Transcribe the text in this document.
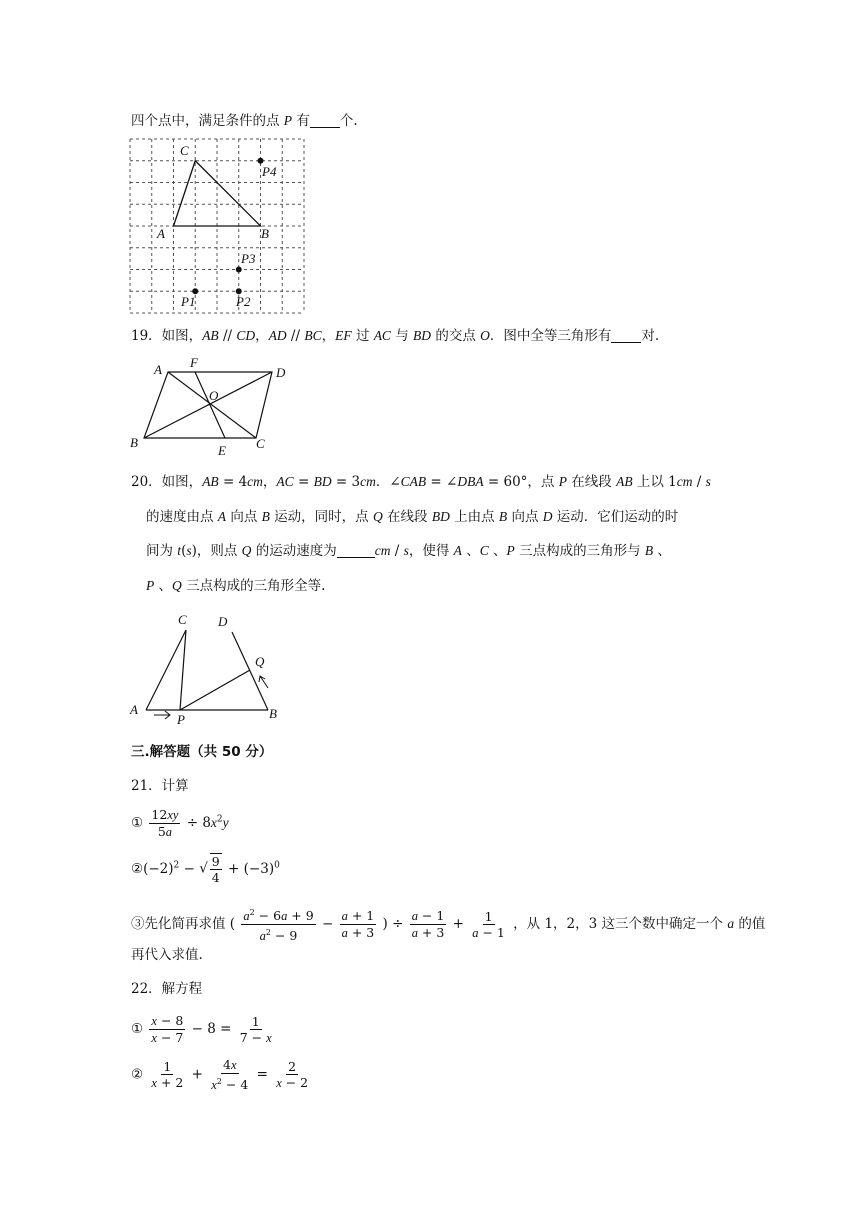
四个点中，满足条件的点 P 有 个.
C
A	B
P4
P3
P1	P2
19．如图，AB // CD，AD // BC，EF 过 AC 与 BD 的交点 O．图中全等三角形有 对.
A F
D
O
B
E C
20．如图，AB = 4cm，AC = BD = 3cm．∠CAB = ∠DBA = 60°，点 P 在线段 AB 上以 1cm / s
的速度由点 A 向点 B 运动，同时，点 Q 在线段 BD 上由点 B 向点 D 运动．它们运动的时
间为 t(s)，则点 Q 的运动速度为	cm / s，使得 A 、C 、P 三点构成的三角形与 B 、
P 、Q 三点构成的三角形全等.
C D
Q
A
P	B
三.解答题（共 50 分）
21．计算
① $\frac{12xy}{5a} \div 8x^2y$
$②(-2)^2$ − √ $\frac{9}{4} + (-3)^0$
③先化简再求值 ( $\frac{a^2 - 6a + 9}{a^2 - 9} - \frac{a + 1}{a + 3}$ ) ÷ $\frac{a - 1}{a + 3} + \frac{1}{a - 1}$ ，从 1，2，3 这三个数中确定一个 a 的值
再代入求值.
22．解方程
① $\frac{x - 8}{x - 7} - 8 = \frac{1}{7 - x}$
② $\frac{1}{x + 2} + \frac{4x}{x^2 - 4} = \frac{2}{x - 2}$
